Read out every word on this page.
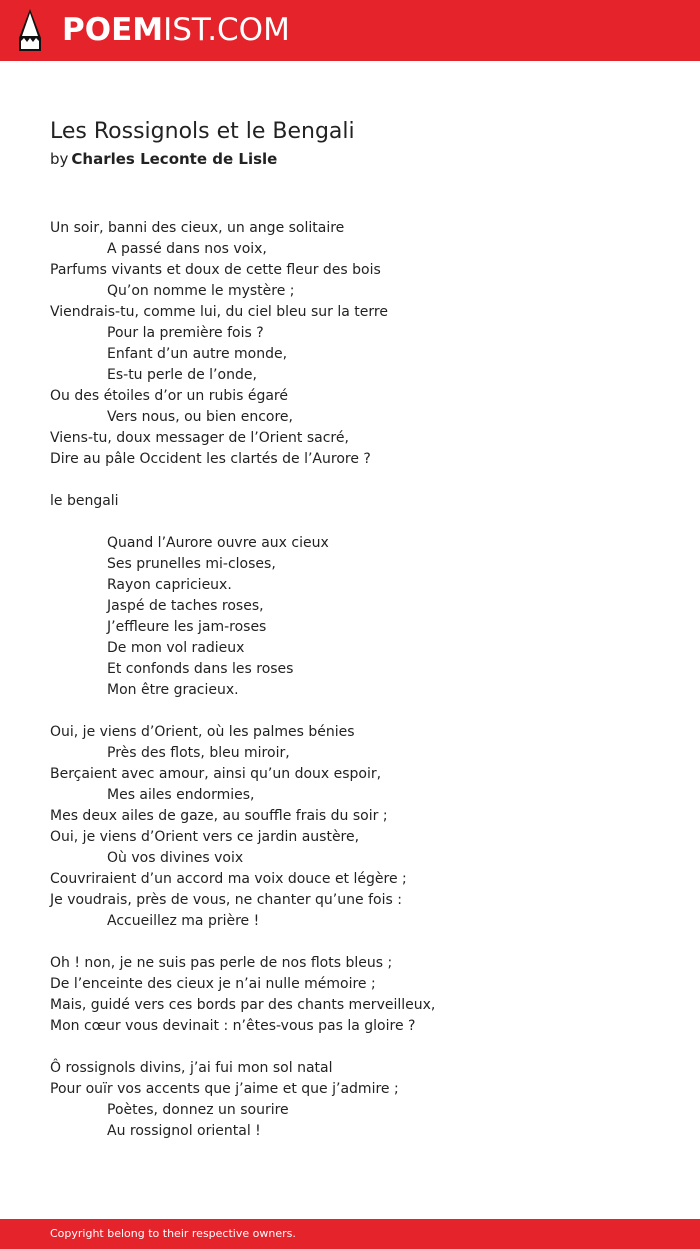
POEMIST.COM
Les Rossignols et le Bengali
by Charles Leconte de Lisle
Un soir, banni des cieux, un ange solitaire
A passé dans nos voix,
Parfums vivants et doux de cette fleur des bois
Qu’on nomme le mystère ;
Viendrais-tu, comme lui, du ciel bleu sur la terre
Pour la première fois ?
Enfant d’un autre monde,
Es-tu perle de l’onde,
Ou des étoiles d’or un rubis égaré
Vers nous, ou bien encore,
Viens-tu, doux messager de l’Orient sacré,
Dire au pâle Occident les clartés de l’Aurore ?
le bengali
Quand l’Aurore ouvre aux cieux
Ses prunelles mi-closes,
Rayon capricieux.
Jaspé de taches roses,
J’effleure les jam-roses
De mon vol radieux
Et confonds dans les roses
Mon être gracieux.
Oui, je viens d’Orient, où les palmes bénies
Près des flots, bleu miroir,
Berçaient avec amour, ainsi qu’un doux espoir,
Mes ailes endormies,
Mes deux ailes de gaze, au souffle frais du soir ;
Oui, je viens d’Orient vers ce jardin austère,
Où vos divines voix
Couvriraient d’un accord ma voix douce et légère ;
Je voudrais, près de vous, ne chanter qu’une fois :
Accueillez ma prière !
Oh ! non, je ne suis pas perle de nos flots bleus ;
De l’enceinte des cieux je n’ai nulle mémoire ;
Mais, guidé vers ces bords par des chants merveilleux,
Mon cœur vous devinait : n’êtes-vous pas la gloire ?
Ô rossignols divins, j’ai fui mon sol natal
Pour ouïr vos accents que j’aime et que j’admire ;
Poètes, donnez un sourire
Au rossignol oriental !
Copyright belong to their respective owners.
